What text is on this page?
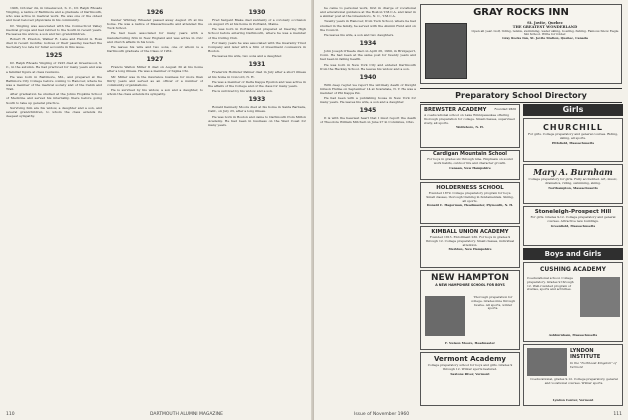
1906, October 24, in Greenwood, S. C., Dr. Ralph Rhoads Yingling, a native of Baltimore and a graduate of Dartmouth, who was active in medical work. He was one of the oldest and most beloved physicians in his community.

Dr. Yingling was associated with the Connecticut Valley medical groups and had retired to the South in recent years. He leaves his widow, a son and two grandchildren.

Robert H. Preston, Walker R. Lane and Harold G. Ross died in recent months; notices of their passing reached the Secretary too late for fuller accounts in this issue.

1925

Dr. Ralph Rhoads Yingling of 1925 died at Greenwood, S. C., in the autumn. He had practiced for many years and was a familiar figure at class reunions.

He was born in Baltimore, Md., and prepared at the Baltimore City College before coming to Hanover, where he was a member of the medical society and of the Cabin and Trail.

After graduation he studied at the Johns Hopkins School of Medicine and served his internship there before going South to take up general practice.

Surviving him are his widow, a daughter and a son, and several grandchildren, to whom the class extends its deepest sympathy.

1926

Dexter Whitney Wheeler passed away August 25 at his home. He was a native of Massachusetts and attended the Tuck School.

He had been associated for many years with a manufacturing firm in New England and was active in civic and church affairs in his town.

He leaves his wife and two sons, one of whom is a Dartmouth graduate of the Class of 1952.

1927

Francis Walton Miller II died on August 30 at his home after a long illness. He was a member of Sigma Chi.

Mr. Miller was in the insurance business for more than thirty years and served as an officer of a number of community organizations.

He is survived by his widow, a son and a daughter, to whom the class extends its sympathy.

1930

Fred Sargent Blake died suddenly of a coronary occlusion on August 25 at his home in Portland, Maine.

He was born in Portland and prepared at Deering High School before entering Dartmouth, where he was a member of the Outing Club.

For many years he was associated with the Guaranty Trust Company and later with a firm of investment counselors in Boston.

He leaves his wife, two sons and a daughter.

1931

Frederick Hollister Palmer died in July after a short illness at his home in Concord, N. H.

He was a member of Delta Kappa Epsilon and was active in the affairs of the College and of the class for many years.

He is survived by his widow and a son.

1933

Ronald Kennedy Moore died at his home in Santa Barbara, Calif., on July 23, after a long illness.

He was born in Boston and came to Dartmouth from Milton Academy. He had been in business on the West Coast for many years.

110	DARTMOUTH ALUMNI MAGAZINE

he came to personal work, first in charge of vocational and educational guidance at the Boston Y.M.C.A. and later in a similar post at the Greensboro, N. C., Y.M.C.A.

Twenty years in Hanover, from Tuck School, where he had studied in the family, he served with the Alumni Fund and on the Council.

He leaves his wife, a son and two daughters.

1934

John Joseph O'Keefe died on April 26, 1960, in Bridgeport, Conn. He had been at the same post for twenty years and had been in failing health.

He was born in New York City and entered Dartmouth from the Hackley School. He leaves his widow and a son.

1940

With deep regret we report the untimely death of Dwight Gibson Hulme on September 14 at Scarsdale, N. Y. He was a member of Phi Kappa Psi.

He had been with a publishing house in New York for many years. He leaves his wife, a son and a daughter.

1945

It is with the heaviest heart that I must report the death of Theodore William Mitchell on June 27 in Columbus, Ohio.

GRAY ROCKS INN

St. Jovite, Quebec

THE GREATEST WONDERLAND

Open all year. Golf, riding, tennis, swimming, water skiing, boating, fishing. Famous Snow Eagle Ski School. Write for folder.

Gray Rocks Inn, St. Jovite Station, Quebec, Canada

Preparatory School Directory
BREWSTER ACADEMY	Founded 1820

A coeducational school on Lake Winnipesaukee offering thorough preparation for college. Small classes, supervised study, all sports.

Wolfeboro, N. H.

Cardigan Mountain School

For boys in grades six through nine. Emphasis on sound work habits, outdoor life and character growth.

Canaan, New Hampshire

HOLDERNESS SCHOOL

Founded 1879. College preparatory program for boys. Small classes, thorough training in fundamentals. Skiing, all sports.

Donald C. Hagerman, Headmaster, Plymouth, N. H.

KIMBALL UNION ACADEMY

Founded 1813. Enrollment 230. For boys in grades 9 through 12. College preparatory. Small classes, individual attention.

Meriden, New Hampshire

NEW HAMPTON
A NEW HAMPSHIRE SCHOOL FOR BOYS

Thorough preparation for college. Grades nine through twelve. All sports, winter sports.

F. Nelson Moore, Headmaster

Vermont Academy

College preparatory school for boys and girls. Grades 9 through 12. Winter sports featured.

Saxtons River, Vermont

Girls
CHURCHILL

For girls. College preparatory and general courses. Riding, skiing, all sports.

Pittsfield, Massachusetts

Mary A. Burnham

College preparatory for girls. Fully accredited. Art, music, dramatics, riding, swimming, skiing.

Northampton, Massachusetts

Stoneleigh-Prospect Hill

For girls. Grades 9-12. College preparatory and general courses. Attractive new buildings.

Greenfield, Massachusetts

Boys and Girls
CUSHING ACADEMY

Coeducational school. College preparatory. Grades 9 through 12. Well-rounded program of studies, sports and activities.

Ashburnham, Massachusetts

LYNDON INSTITUTE

In the "Northeast Kingdom" of Vermont

Coeducational, grades 9-12. College preparatory, general and vocational courses. Winter sports.

Lyndon Center, Vermont

Issue of November 1960	111
